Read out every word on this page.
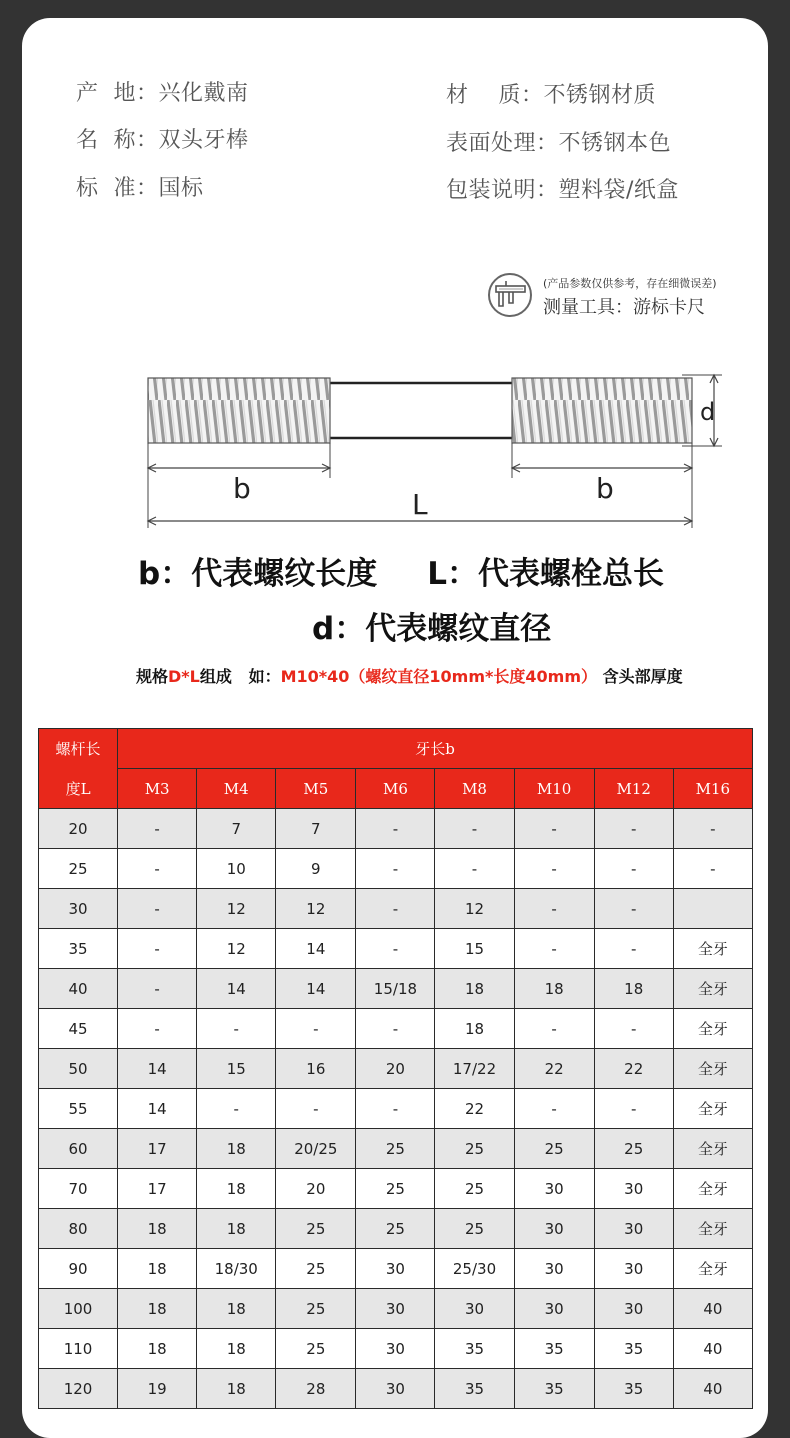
产  地：兴化戴南
名  称：双头牙棒
标  准：国标
材    质：不锈钢材质
表面处理：不锈钢本色
包装说明：塑料袋/纸盒
(产品参数仅供参考，存在细微误差)
测量工具：游标卡尺
d
b	b
L
b：代表螺纹长度 L：代表螺栓总长
d：代表螺纹直径
规格D*L组成   如：M10*40（螺纹直径10mm*长度40mm） 含头部厚度
螺杆长	牙长b							
度L	M3	M4	M5	M6	M8	M10	M12	M16
20	-	7	7	-	-	-	-	-
25	-	10	9	-	-	-	-	-
30	-	12	12	-	12	-	-	
35	-	12	14	-	15	-	-	全牙
40	-	14	14	15/18	18	18	18	全牙
45	-	-	-	-	18	-	-	全牙
50	14	15	16	20	17/22	22	22	全牙
55	14	-	-	-	22	-	-	全牙
60	17	18	20/25	25	25	25	25	全牙
70	17	18	20	25	25	30	30	全牙
80	18	18	25	25	25	30	30	全牙
90	18	18/30	25	30	25/30	30	30	全牙
100	18	18	25	30	30	30	30	40
110	18	18	25	30	35	35	35	40
120	19	18	28	30	35	35	35	40
